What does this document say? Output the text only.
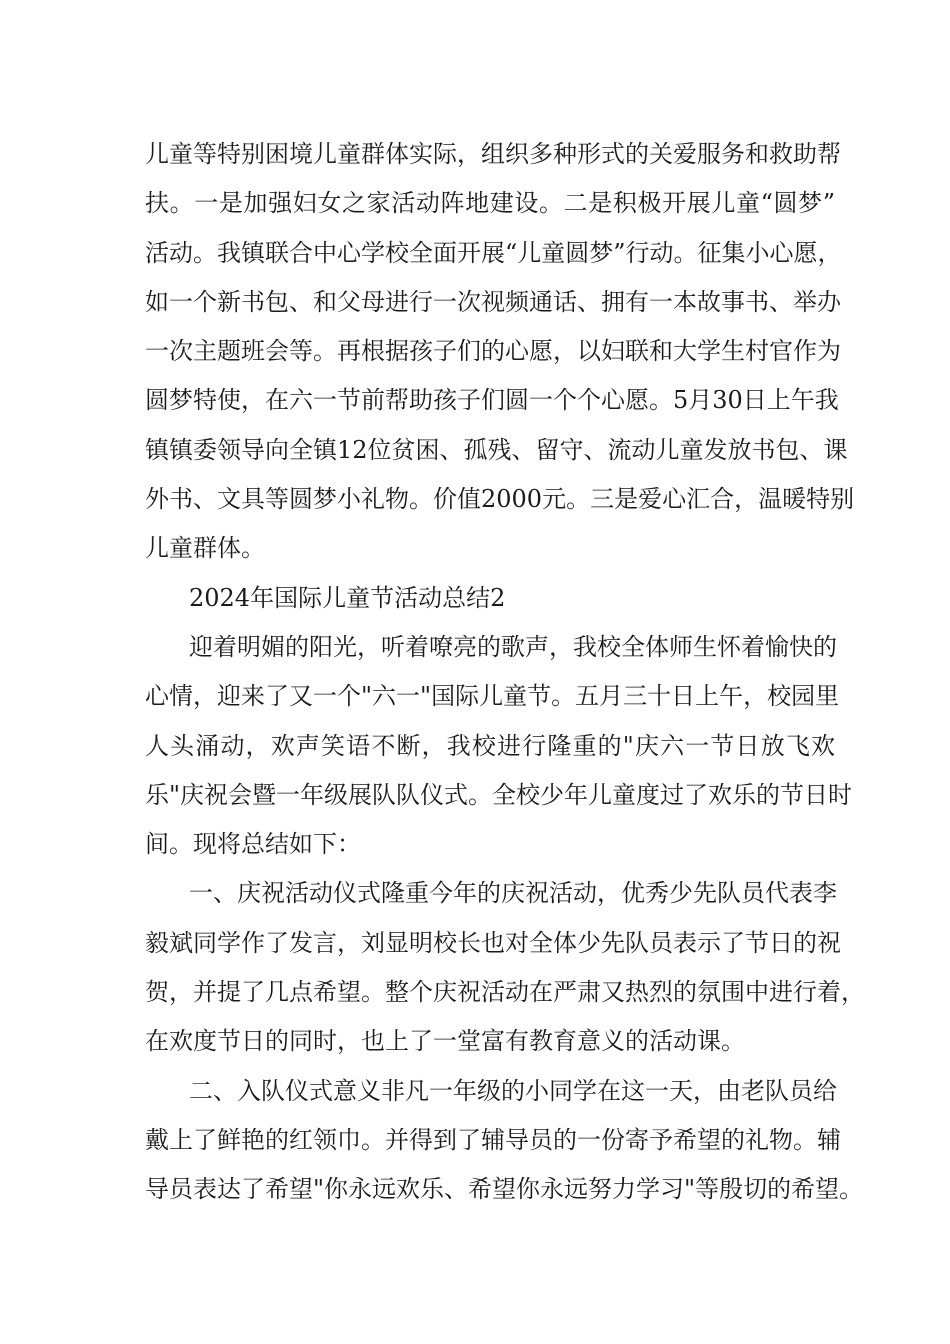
儿童等特别困境儿童群体实际，组织多种形式的关爱服务和救助帮
扶。一是加强妇女之家活动阵地建设。二是积极开展儿童“圆梦”
活动。我镇联合中心学校全面开展“儿童圆梦”行动。征集小心愿，
如一个新书包、和父母进行一次视频通话、拥有一本故事书、举办
一次主题班会等。再根据孩子们的心愿，以妇联和大学生村官作为
圆梦特使，在六一节前帮助孩子们圆一个个心愿。5月30日上午我
镇镇委领导向全镇12位贫困、孤残、留守、流动儿童发放书包、课
外书、文具等圆梦小礼物。价值2000元。三是爱心汇合，温暖特别
儿童群体。
2024年国际儿童节活动总结2
迎着明媚的阳光，听着嘹亮的歌声，我校全体师生怀着愉快的
心情，迎来了又一个"六一"国际儿童节。五月三十日上午，校园里
人头涌动，欢声笑语不断，我校进行隆重的"庆六一节日放飞欢
乐"庆祝会暨一年级展队队仪式。全校少年儿童度过了欢乐的节日时
间。现将总结如下：
一、庆祝活动仪式隆重今年的庆祝活动，优秀少先队员代表李
毅斌同学作了发言，刘显明校长也对全体少先队员表示了节日的祝
贺，并提了几点希望。整个庆祝活动在严肃又热烈的氛围中进行着，
在欢度节日的同时，也上了一堂富有教育意义的活动课。
二、入队仪式意义非凡一年级的小同学在这一天，由老队员给
戴上了鲜艳的红领巾。并得到了辅导员的一份寄予希望的礼物。辅
导员表达了希望"你永远欢乐、希望你永远努力学习"等殷切的希望。
